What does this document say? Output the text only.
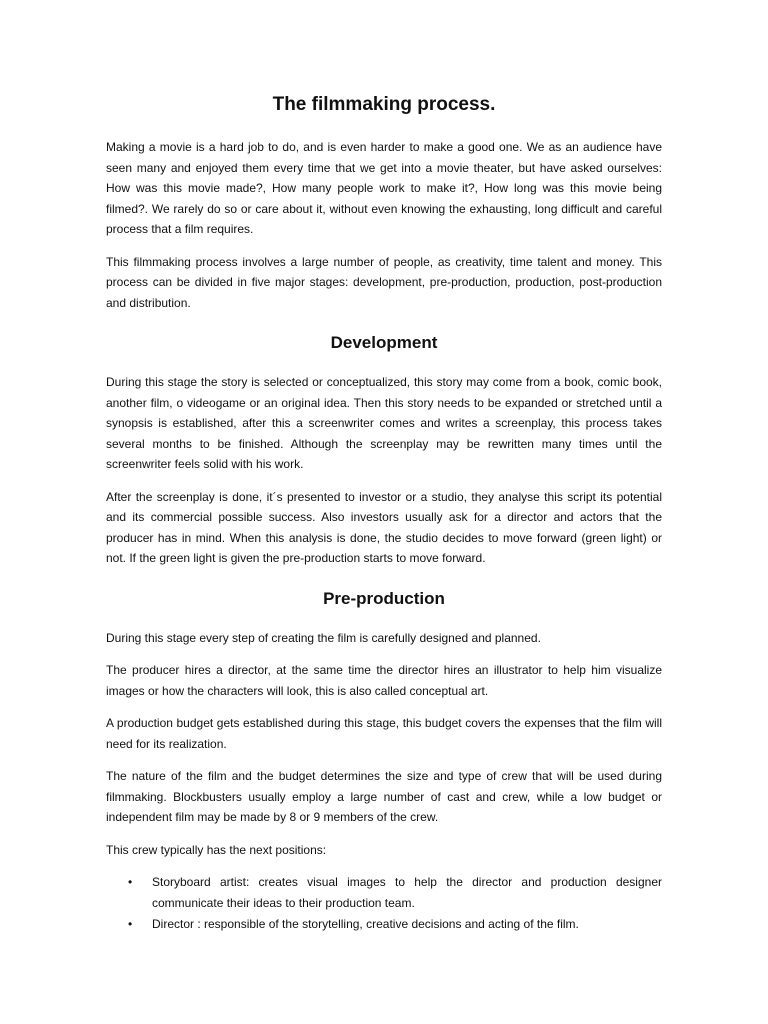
The filmmaking process.

Making a movie is a hard job to do, and is even harder to make a good one. We as an audience have seen many and enjoyed them every time that we get into a movie theater, but have asked ourselves: How was this movie made?, How many people work to make it?, How long was this movie being filmed?. We rarely do so or care about it, without even knowing the exhausting, long difficult and careful process that a film requires.

This filmmaking process involves a large number of people, as creativity, time talent and money. This process can be divided in five major stages: development, pre-production, production, post-production and distribution.

Development

During this stage the story is selected or conceptualized, this story may come from a book, comic book, another film, o videogame or an original idea. Then this story needs to be expanded or stretched until a synopsis is established, after this a screenwriter comes and writes a screenplay, this process takes several months to be finished. Although the screenplay may be rewritten many times until the screenwriter feels solid with his work.

After the screenplay is done, it´s presented to investor or a studio, they analyse this script its potential and its commercial possible success. Also investors usually ask for a director and actors that the producer has in mind. When this analysis is done, the studio decides to move forward (green light) or not. If the green light is given the pre-production starts to move forward.

Pre-production

During this stage every step of creating the film is carefully designed and planned.

The producer hires a director, at the same time the director hires an illustrator to help him visualize images or how the characters will look, this is also called conceptual art.

A production budget gets established during this stage, this budget covers the expenses that the film will need for its realization.

The nature of the film and the budget determines the size and type of crew that will be used during filmmaking. Blockbusters usually employ a large number of cast and crew, while a low budget or independent film may be made by 8 or 9 members of the crew.

This crew typically has the next positions:

• Storyboard artist: creates visual images to help the director and production designer communicate their ideas to their production team.
• Director : responsible of the storytelling, creative decisions and acting of the film.
